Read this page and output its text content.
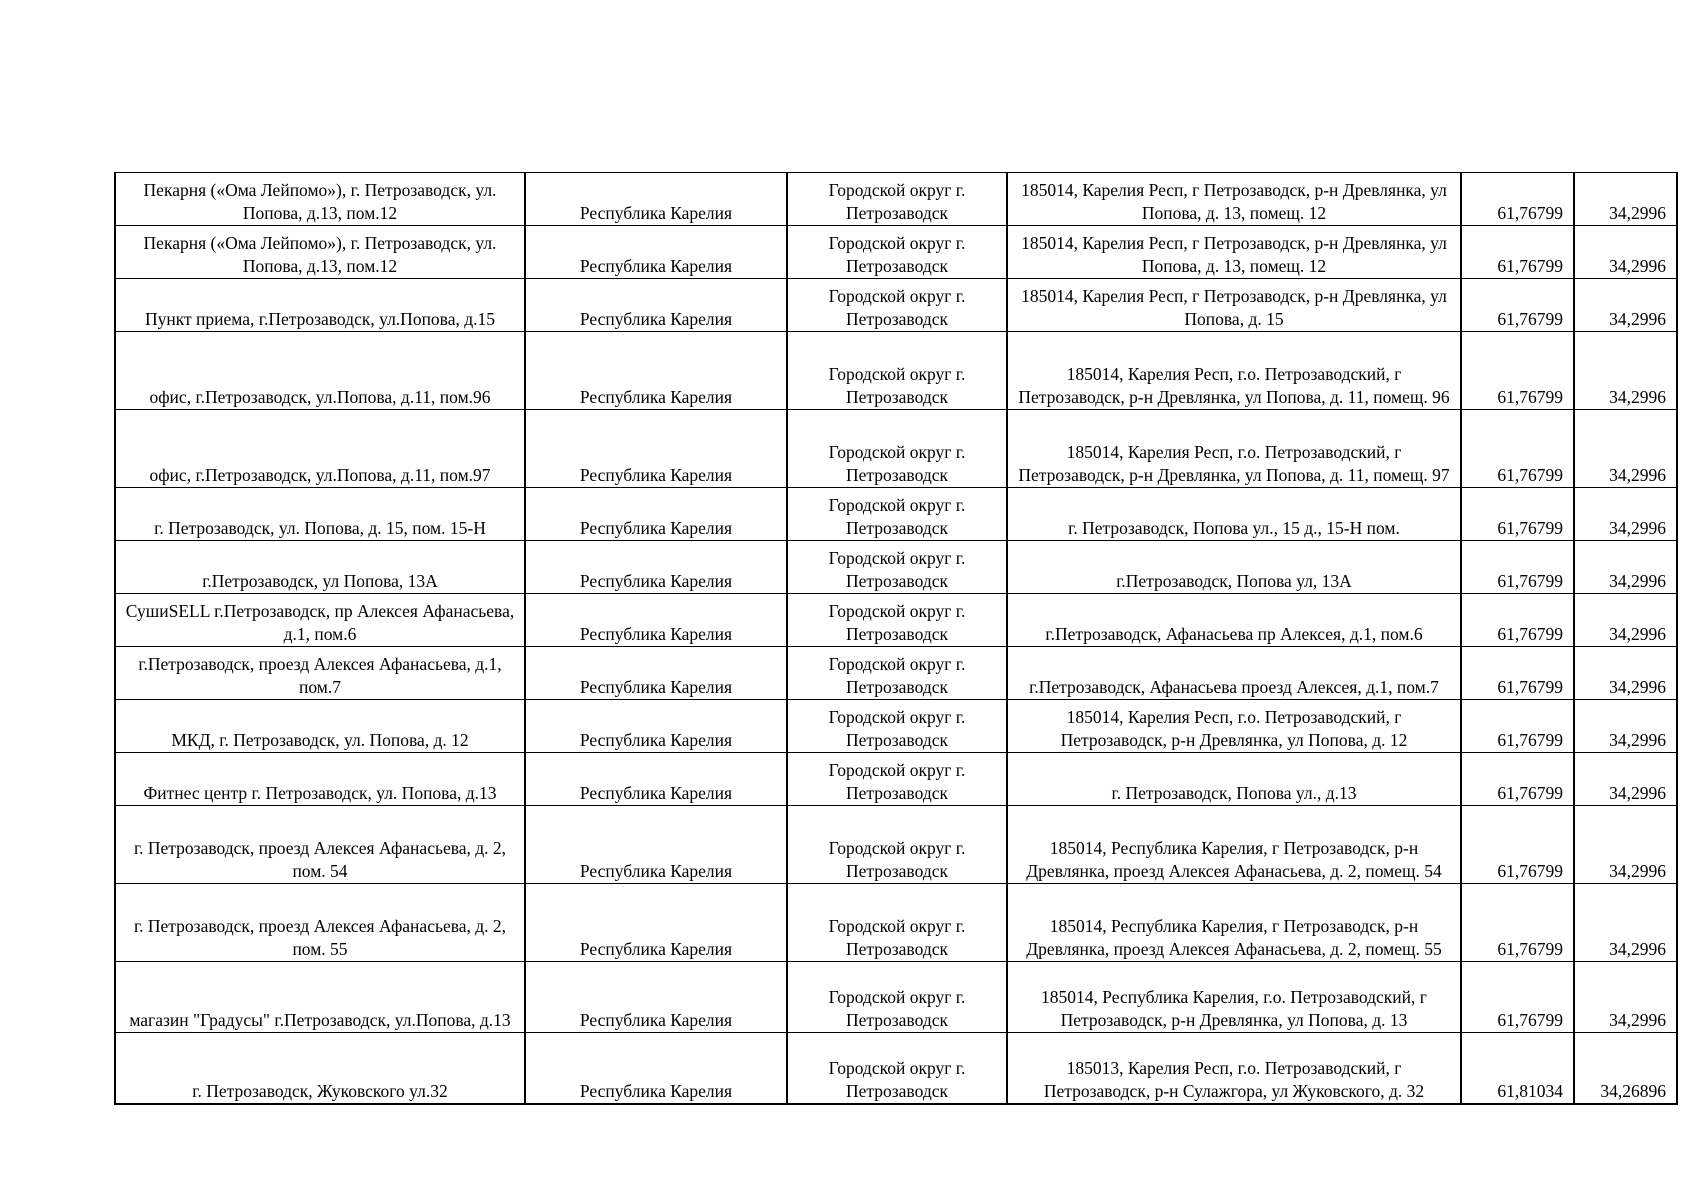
Пекарня («Ома Лейпомо»), г. Петрозаводск, ул. Попова, д.13, пом.12	Республика Карелия	Городской округ г. Петрозаводск	185014, Карелия Респ, г Петрозаводск, р-н Древлянка, ул Попова, д. 13, помещ. 12	61,76799	34,2996
Пекарня («Ома Лейпомо»), г. Петрозаводск, ул. Попова, д.13, пом.12	Республика Карелия	Городской округ г. Петрозаводск	185014, Карелия Респ, г Петрозаводск, р-н Древлянка, ул Попова, д. 13, помещ. 12	61,76799	34,2996
Пункт приема, г.Петрозаводск, ул.Попова, д.15	Республика Карелия	Городской округ г. Петрозаводск	185014, Карелия Респ, г Петрозаводск, р-н Древлянка, ул Попова, д. 15	61,76799	34,2996
офис, г.Петрозаводск, ул.Попова, д.11, пом.96	Республика Карелия	Городской округ г. Петрозаводск	185014, Карелия Респ, г.о. Петрозаводский, г Петрозаводск, р-н Древлянка, ул Попова, д. 11, помещ. 96	61,76799	34,2996
офис, г.Петрозаводск, ул.Попова, д.11, пом.97	Республика Карелия	Городской округ г. Петрозаводск	185014, Карелия Респ, г.о. Петрозаводский, г Петрозаводск, р-н Древлянка, ул Попова, д. 11, помещ. 97	61,76799	34,2996
г. Петрозаводск, ул. Попова, д. 15, пом. 15-Н	Республика Карелия	Городской округ г. Петрозаводск	г. Петрозаводск, Попова ул., 15 д., 15-Н пом.	61,76799	34,2996
г.Петрозаводск, ул Попова, 13А	Республика Карелия	Городской округ г. Петрозаводск	г.Петрозаводск, Попова ул, 13А	61,76799	34,2996
СушиSELL г.Петрозаводск, пр Алексея Афанасьева, д.1, пом.6	Республика Карелия	Городской округ г. Петрозаводск	г.Петрозаводск, Афанасьева пр Алексея, д.1, пом.6	61,76799	34,2996
г.Петрозаводск, проезд Алексея Афанасьева, д.1, пом.7	Республика Карелия	Городской округ г. Петрозаводск	г.Петрозаводск, Афанасьева проезд Алексея, д.1, пом.7	61,76799	34,2996
МКД, г. Петрозаводск, ул. Попова, д. 12	Республика Карелия	Городской округ г. Петрозаводск	185014, Карелия Респ, г.о. Петрозаводский, г Петрозаводск, р-н Древлянка, ул Попова, д. 12	61,76799	34,2996
Фитнес центр г. Петрозаводск, ул. Попова, д.13	Республика Карелия	Городской округ г. Петрозаводск	г. Петрозаводск, Попова ул., д.13	61,76799	34,2996
г. Петрозаводск, проезд Алексея Афанасьева, д. 2, пом. 54	Республика Карелия	Городской округ г. Петрозаводск	185014, Республика Карелия, г Петрозаводск, р-н Древлянка, проезд Алексея Афанасьева, д. 2, помещ. 54	61,76799	34,2996
г. Петрозаводск, проезд Алексея Афанасьева, д. 2, пом. 55	Республика Карелия	Городской округ г. Петрозаводск	185014, Республика Карелия, г Петрозаводск, р-н Древлянка, проезд Алексея Афанасьева, д. 2, помещ. 55	61,76799	34,2996
магазин "Градусы" г.Петрозаводск, ул.Попова, д.13	Республика Карелия	Городской округ г. Петрозаводск	185014, Республика Карелия, г.о. Петрозаводский, г Петрозаводск, р-н Древлянка, ул Попова, д. 13	61,76799	34,2996
г. Петрозаводск, Жуковского ул.32	Республика Карелия	Городской округ г. Петрозаводск	185013, Карелия Респ, г.о. Петрозаводский, г Петрозаводск, р-н Сулажгора, ул Жуковского, д. 32	61,81034	34,26896
